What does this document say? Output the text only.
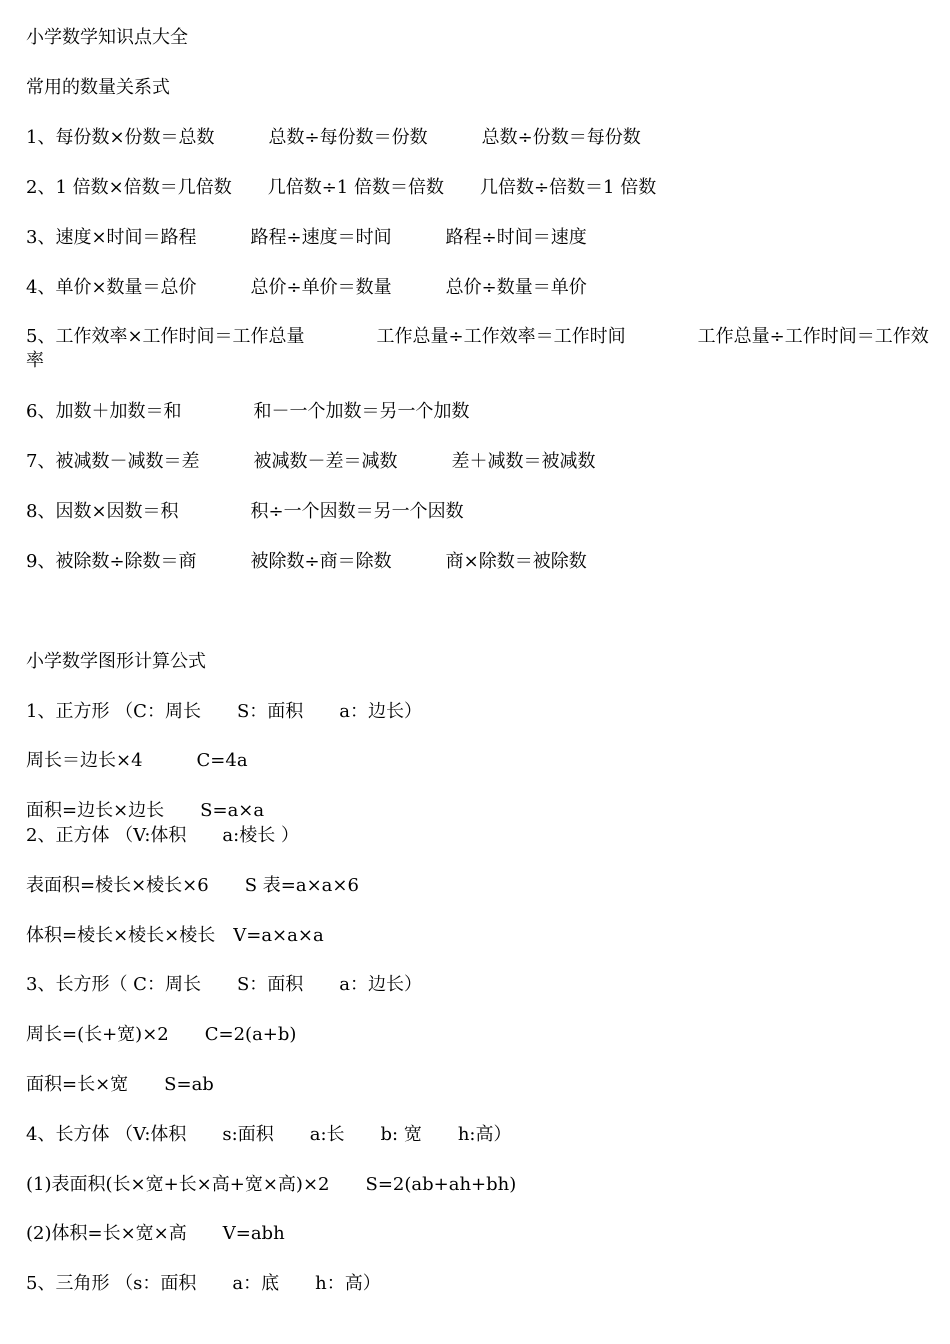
小学数学知识点大全

常用的数量关系式

1、每份数×份数＝总数　　　总数÷每份数＝份数　　　总数÷份数＝每份数

2、1 倍数×倍数＝几倍数　　几倍数÷1 倍数＝倍数　　几倍数÷倍数＝1 倍数

3、速度×时间＝路程　　　路程÷速度＝时间　　　路程÷时间＝速度

4、单价×数量＝总价　　　总价÷单价＝数量　　　总价÷数量＝单价

5、工作效率×工作时间＝工作总量　　　　工作总量÷工作效率＝工作时间　　　　工作总量÷工作时间＝工作效率

6、加数＋加数＝和　　　　和－一个加数＝另一个加数

7、被减数－减数＝差　　　被减数－差＝减数　　　差＋减数＝被减数

8、因数×因数＝积　　　　积÷一个因数＝另一个因数

9、被除数÷除数＝商　　　被除数÷商＝除数　　　商×除数＝被除数

小学数学图形计算公式

1、正方形 （C：周长　　S：面积　　a：边长）

周长＝边长×4　　　C=4a

面积=边长×边长　　S=a×a

2、正方体 （V:体积　　a:棱长 ）

表面积=棱长×棱长×6　　S 表=a×a×6

体积=棱长×棱长×棱长　V=a×a×a

3、长方形（ C：周长　　S：面积　　a：边长）

周长=(长+宽)×2　　C=2(a+b)

面积=长×宽　　S=ab

4、长方体 （V:体积　　s:面积　　a:长　　b: 宽　　h:高）

(1)表面积(长×宽+长×高+宽×高)×2　　S=2(ab+ah+bh)

(2)体积=长×宽×高　　V=abh

5、三角形 （s：面积　　a：底　　h：高）
